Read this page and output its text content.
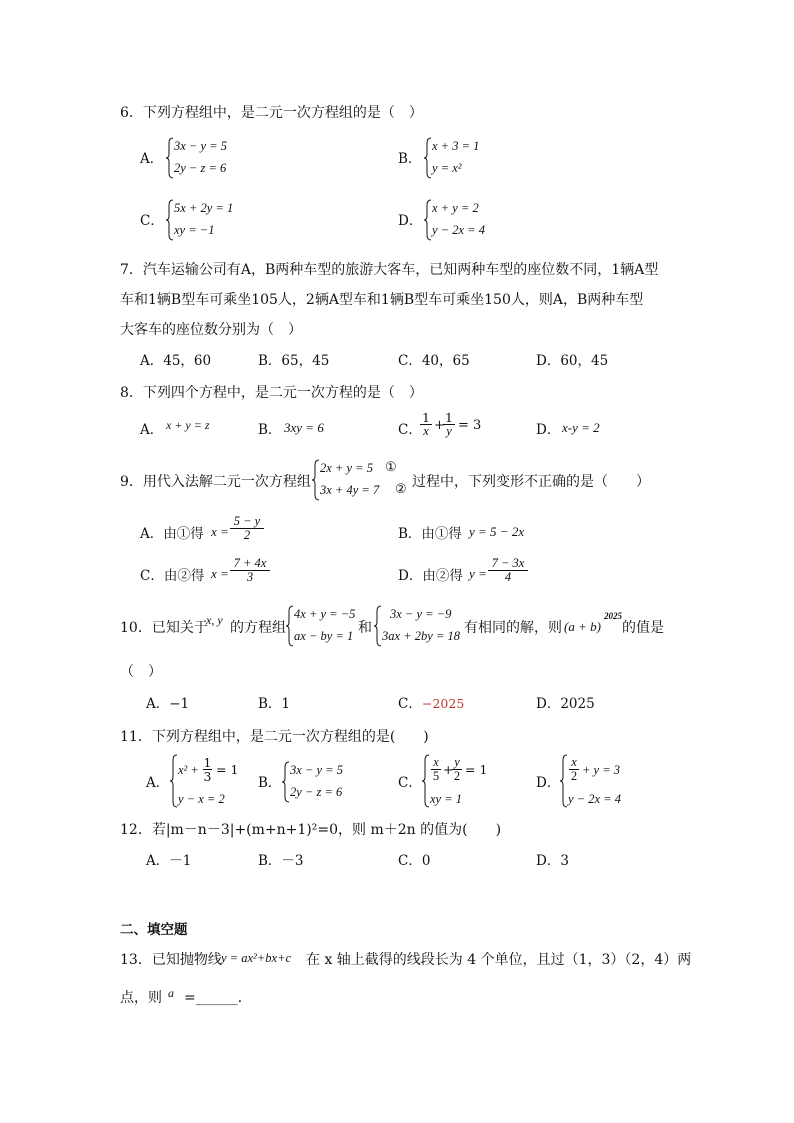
6．下列方程组中，是二元一次方程组的是（　）
A．
3x − y = 5
2y − z = 6
B．
x + 3 = 1
y = x²
C．
5x + 2y = 1
xy = −1
D．
x + y = 2
y − 2x = 4
7．汽车运输公司有A，B两种车型的旅游大客车，已知两种车型的座位数不同，1辆A型
车和1辆B型车可乘坐105人，2辆A型车和1辆B型车可乘坐150人，则A，B两种车型
大客车的座位数分别为（　）
A．45，60	B．65，45	C．40，65	D．60，45
8．下列四个方程中，是二元一次方程的是（　）
A． x + y = z	B． 3xy = 6	C．
$\frac{1}{x}$ +
$\frac{1}{y} = 3$	D． x-y = 2
9．用代入法解二元一次方程组
2x + y = 5 ①
3x + 4y = 7 ② 过程中，下列变形不正确的是（　　）
A．由①得 $x = \frac{5 - y}{2}$	B．由①得 y = 5 − 2x
C．由②得 $x = \frac{7 + 4x}{3}$	D．由②得 $y = \frac{7 - 3x}{4}$
10．已知关于
x, y 的方程组
4x + y = −5
ax − by = 1 和
3x − y = −9
3ax + 2by = 18 有相同的解，则 (a + b)
2025
的值是
（　）
A．−1	B．1	C． −2025	D．2025
11．下列方程组中，是二元一次方程组的是(　　)
A．
$x^2 + \frac{1}{3} = 1$
y − x = 2
B．
3x − y = 5
2y − z = 6
C． $\frac{x}{5}$ +
$\frac{y}{2} = 1$
xy = 1
D． $\frac{x}{2} + y = 3$
y − 2x = 4
12．若|m－n－3|+(m+n+1)²=0，则 m＋2n 的值为(　　)
A．－1	B．－3	C．0	D．3
二、填空题
13．已知抛物线 y = ax²+bx+c 在 x 轴上截得的线段长为 4 个单位，且过（1，3）（2，4）两
点，则 a =______．
